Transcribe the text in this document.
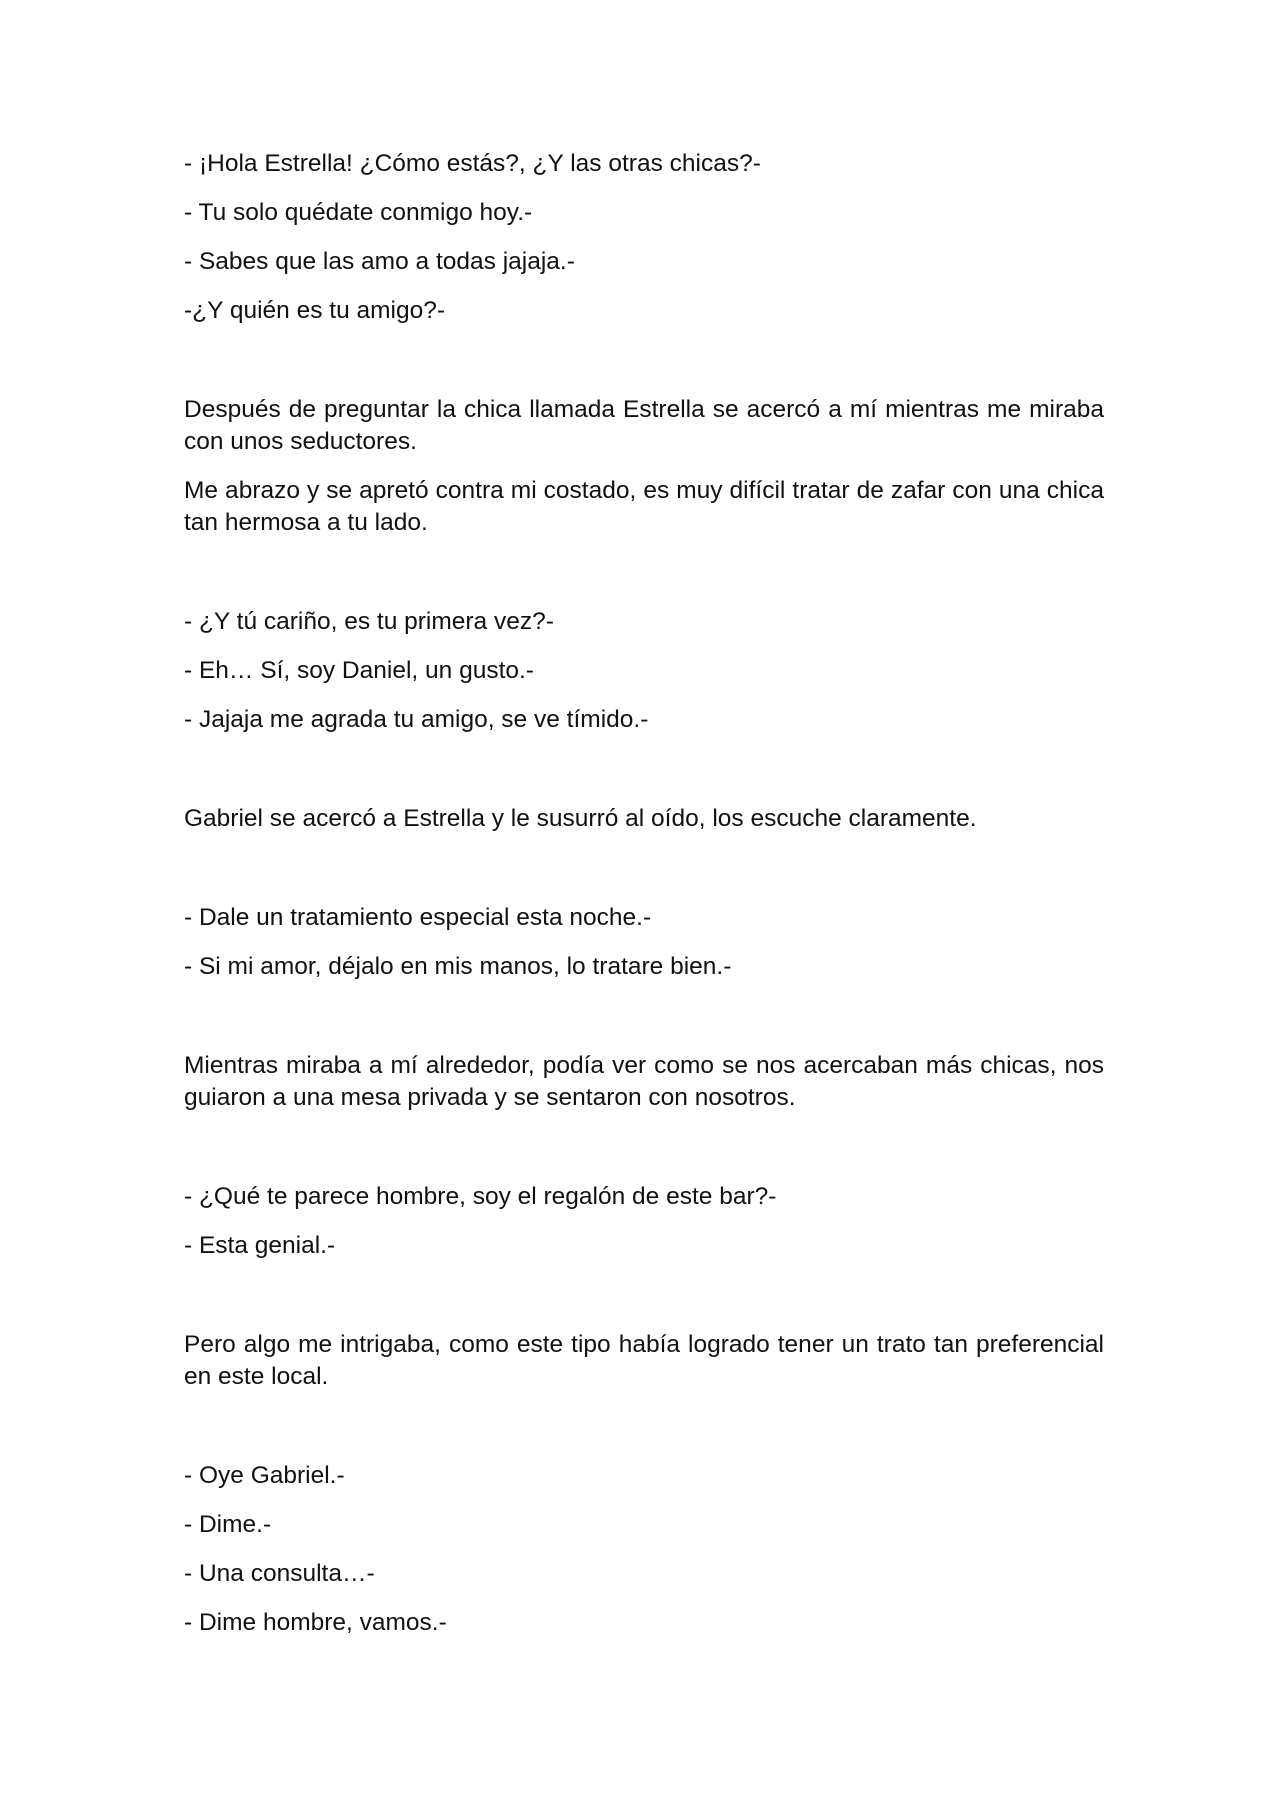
- ¡Hola Estrella! ¿Cómo estás?, ¿Y las otras chicas?-

- Tu solo quédate conmigo hoy.-

- Sabes que las amo a todas jajaja.-

-¿Y quién es tu amigo?-

Después de preguntar la chica llamada Estrella se acercó a mí mientras me miraba con unos seductores.

Me abrazo y se apretó contra mi costado, es muy difícil tratar de zafar con una chica tan hermosa a tu lado.

- ¿Y tú cariño, es tu primera vez?-

- Eh… Sí, soy Daniel, un gusto.-

- Jajaja me agrada tu amigo, se ve tímido.-

Gabriel se acercó a Estrella y le susurró al oído, los escuche claramente.

- Dale un tratamiento especial esta noche.-

- Si mi amor, déjalo en mis manos, lo tratare bien.-

Mientras miraba a mí alrededor, podía ver como se nos acercaban más chicas, nos guiaron a una mesa privada y se sentaron con nosotros.

- ¿Qué te parece hombre, soy el regalón de este bar?-

- Esta genial.-

Pero algo me intrigaba, como este tipo había logrado tener un trato tan preferencial en este local.

- Oye Gabriel.-

- Dime.-

- Una consulta…-

- Dime hombre, vamos.-
